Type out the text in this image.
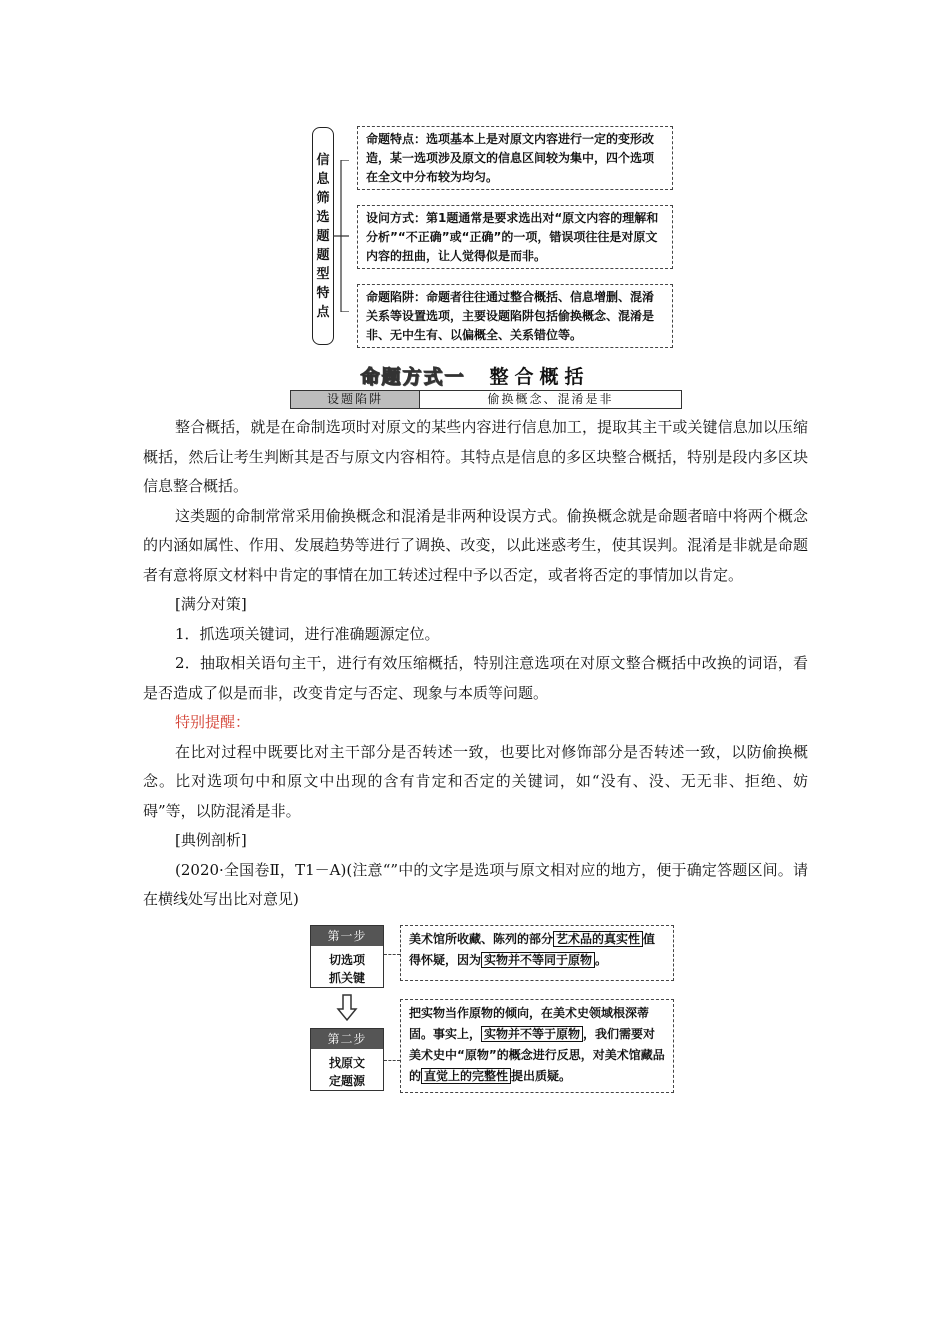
信
息
筛
选
题
题
型
特
点
命题特点：选项基本上是对原文内容进行一定的变形改造，某一选项涉及原文的信息区间较为集中，四个选项在全文中分布较为均匀。
设问方式：第1题通常是要求选出对“原文内容的理解和分析”“不正确”或“正确”的一项，错误项往往是对原文内容的扭曲，让人觉得似是而非。
命题陷阱：命题者往往通过整合概括、信息增删、混淆关系等设置选项，主要设题陷阱包括偷换概念、混淆是非、无中生有、以偏概全、关系错位等。
命题方式一 整合概括
设题陷阱	偷换概念、混淆是非

整合概括，就是在命制选项时对原文的某些内容进行信息加工，提取其主干或关键信息加以压缩概括，然后让考生判断其是否与原文内容相符。其特点是信息的多区块整合概括，特别是段内多区块信息整合概括。

这类题的命制常常采用偷换概念和混淆是非两种设误方式。偷换概念就是命题者暗中将两个概念的内涵如属性、作用、发展趋势等进行了调换、改变，以此迷惑考生，使其误判。混淆是非就是命题者有意将原文材料中肯定的事情在加工转述过程中予以否定，或者将否定的事情加以肯定。

[满分对策]

1．抓选项关键词，进行准确题源定位。

2．抽取相关语句主干，进行有效压缩概括，特别注意选项在对原文整合概括中改换的词语，看是否造成了似是而非，改变肯定与否定、现象与本质等问题。

特别提醒：

在比对过程中既要比对主干部分是否转述一致，也要比对修饰部分是否转述一致，以防偷换概念。比对选项句中和原文中出现的含有肯定和否定的关键词，如“没有、没、无无非、拒绝、妨碍”等，以防混淆是非。

[典例剖析]

(2020·全国卷Ⅱ，T1－A)(注意“”中的文字是选项与原文相对应的地方，便于确定答题区间。请在横线处写出比对意见)

第一步
切选项
抓关键
第二步
找原文
定题源
美术馆所收藏、陈列的部分 艺术品的真实性 值得怀疑，因为 实物并不等同于原物 。
把实物当作原物的倾向，在美术史领域根深蒂固。事实上， 实物并不等于原物 ，我们需要对美术史中“原物”的概念进行反思，对美术馆藏品的 直觉上的完整性 提出质疑。
